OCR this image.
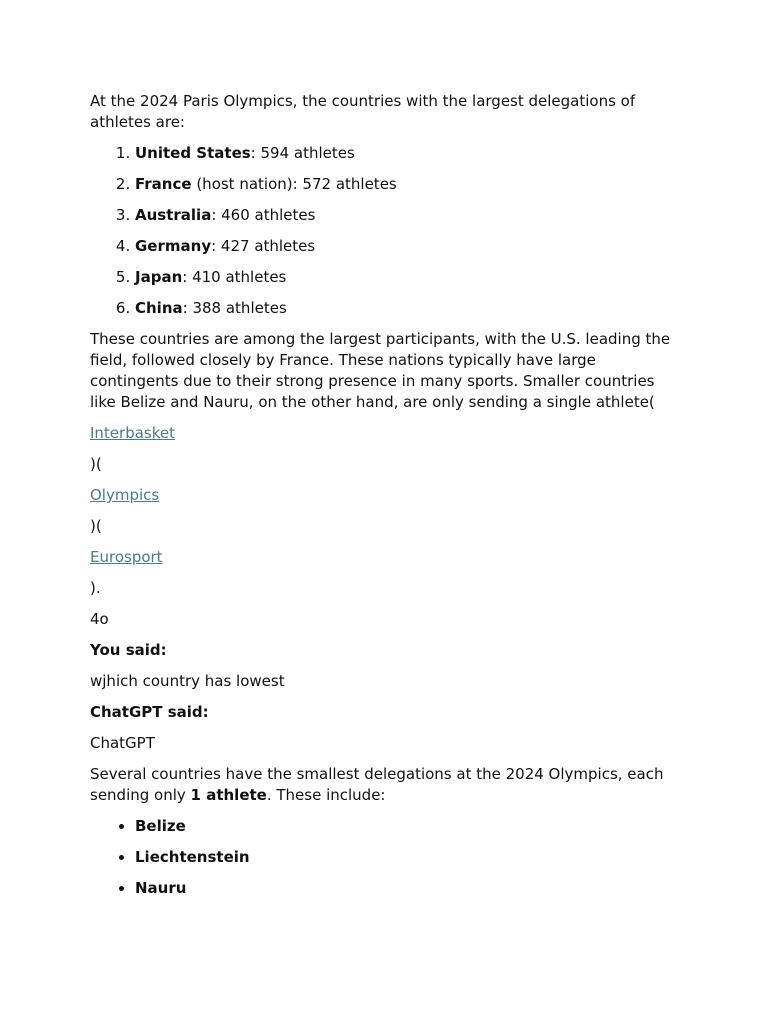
At the 2024 Paris Olympics, the countries with the largest delegations of athletes are:

1. United States: 594 athletes
2. France (host nation): 572 athletes
3. Australia: 460 athletes
4. Germany: 427 athletes
5. Japan: 410 athletes
6. China: 388 athletes

These countries are among the largest participants, with the U.S. leading the field, followed closely by France. These nations typically have large contingents due to their strong presence in many sports. Smaller countries like Belize and Nauru, on the other hand, are only sending a single athlete(

Interbasket

)(

Olympics

)(

Eurosport

).

4o

You said:

wjhich country has lowest

ChatGPT said:

ChatGPT

Several countries have the smallest delegations at the 2024 Olympics, each sending only 1 athlete. These include:

• Belize
• Liechtenstein
• Nauru
